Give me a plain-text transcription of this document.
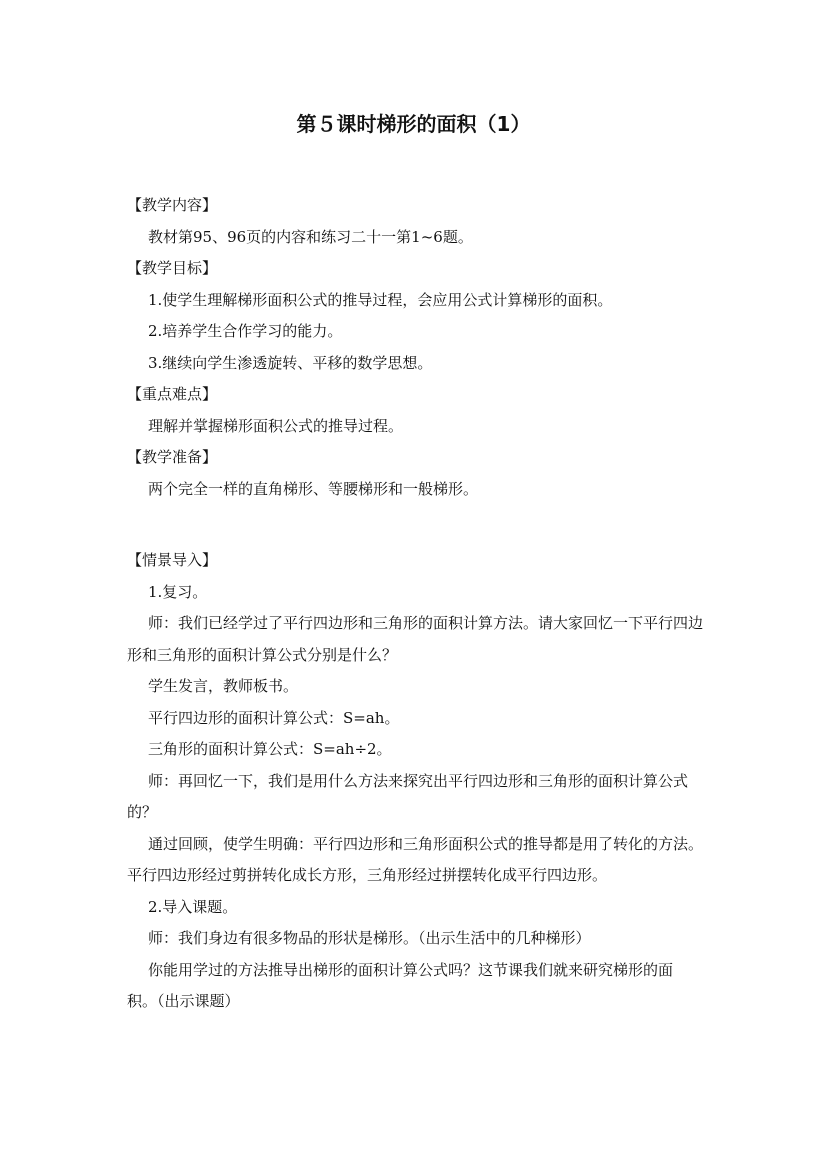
第５课时梯形的面积（1）

【教学内容】

教材第95、96页的内容和练习二十一第1~6题。

【教学目标】

1.使学生理解梯形面积公式的推导过程，会应用公式计算梯形的面积。

2.培养学生合作学习的能力。

3.继续向学生渗透旋转、平移的数学思想。

【重点难点】

理解并掌握梯形面积公式的推导过程。

【教学准备】

两个完全一样的直角梯形、等腰梯形和一般梯形。

【情景导入】

1.复习。

师：我们已经学过了平行四边形和三角形的面积计算方法。请大家回忆一下平行四边形和三角形的面积计算公式分别是什么？

学生发言，教师板书。

平行四边形的面积计算公式：S=ah。

三角形的面积计算公式：S=ah÷2。

师：再回忆一下，我们是用什么方法来探究出平行四边形和三角形的面积计算公式的？

通过回顾，使学生明确：平行四边形和三角形面积公式的推导都是用了转化的方法。平行四边形经过剪拼转化成长方形，三角形经过拼摆转化成平行四边形。

2.导入课题。

师：我们身边有很多物品的形状是梯形。（出示生活中的几种梯形）

你能用学过的方法推导出梯形的面积计算公式吗？这节课我们就来研究梯形的面积。（出示课题）
